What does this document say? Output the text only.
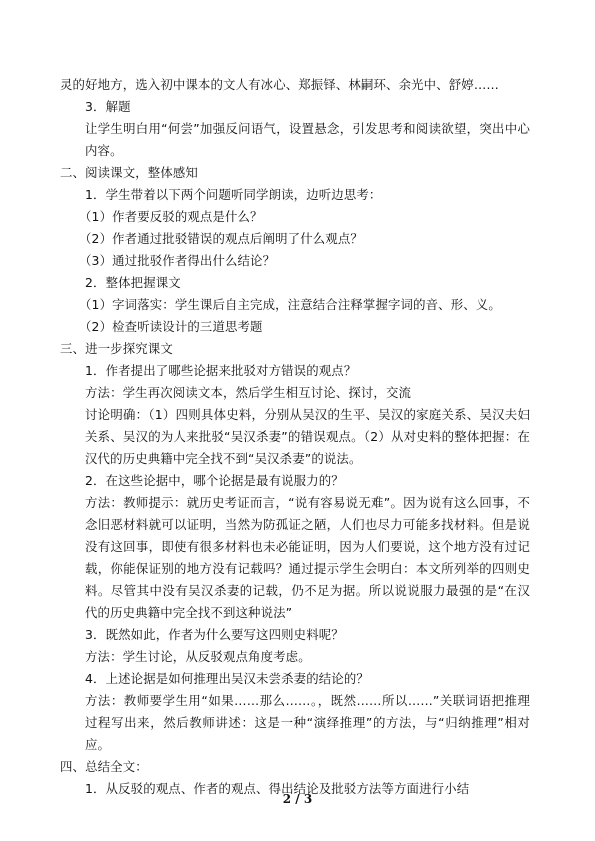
灵的好地方，选入初中课本的文人有冰心、郑振铎、林嗣环、余光中、舒婷……
3．解题
让学生明白用“何尝”加强反问语气，设置悬念，引发思考和阅读欲望，突出中心内容。
二、阅读课文，整体感知
1．学生带着以下两个问题听同学朗读，边听边思考：
（1）作者要反驳的观点是什么？
（2）作者通过批驳错误的观点后阐明了什么观点？
（3）通过批驳作者得出什么结论？
2．整体把握课文
（1）字词落实：学生课后自主完成，注意结合注释掌握字词的音、形、义。
（2）检查听读设计的三道思考题
三、进一步探究课文
1．作者提出了哪些论据来批驳对方错误的观点？
方法：学生再次阅读文本，然后学生相互讨论、探讨，交流
讨论明确：（1）四则具体史料，分别从吴汉的生平、吴汉的家庭关系、吴汉夫妇关系、吴汉的为人来批驳“吴汉杀妻”的错误观点。（2）从对史料的整体把握：在汉代的历史典籍中完全找不到“吴汉杀妻”的说法。
2．在这些论据中，哪个论据是最有说服力的？
方法：教师提示：就历史考证而言，“说有容易说无难”。因为说有这么回事，不念旧恶材料就可以证明，当然为防孤证之陋，人们也尽力可能多找材料。但是说没有这回事，即使有很多材料也未必能证明，因为人们要说，这个地方没有过记载，你能保证别的地方没有记载吗？通过提示学生会明白：本文所列举的四则史料。尽管其中没有吴汉杀妻的记载，仍不足为据。所以说说服力最强的是“在汉代的历史典籍中完全找不到这种说法”
3．既然如此，作者为什么要写这四则史料呢？
方法：学生讨论，从反驳观点角度考虑。
4．上述论据是如何推理出吴汉未尝杀妻的结论的？
方法：教师要学生用“如果……那么……。，既然……所以……”关联词语把推理过程写出来，然后教师讲述：这是一种“演绎推理”的方法，与“归纳推理”相对应。
四、总结全文：
1．从反驳的观点、作者的观点、得出结论及批驳方法等方面进行小结
2 / 3
